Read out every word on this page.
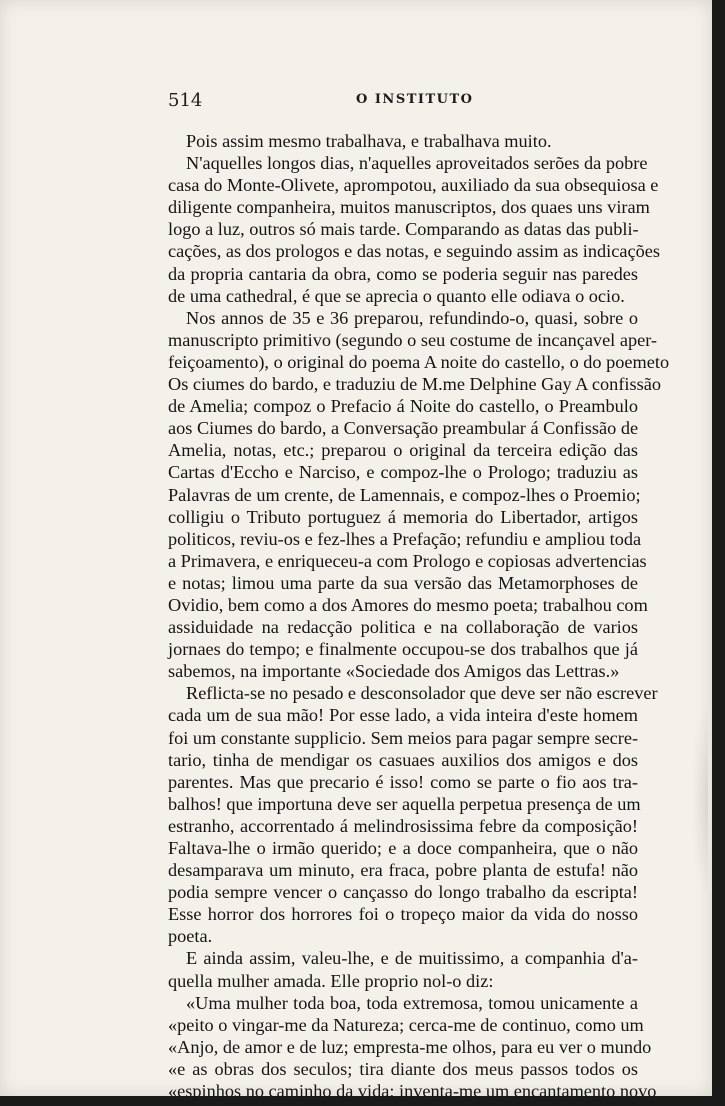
514	O INSTITUTO
Pois assim mesmo trabalhava, e trabalhava muito.
N'aquelles longos dias, n'aquelles aproveitados serões da pobre
casa do Monte-Olivete, aprompotou, auxiliado da sua obsequiosa e
diligente companheira, muitos manuscriptos, dos quaes uns viram
logo a luz, outros só mais tarde. Comparando as datas das publi-
cações, as dos prologos e das notas, e seguindo assim as indicações
da propria cantaria da obra, como se poderia seguir nas paredes
de uma cathedral, é que se aprecia o quanto elle odiava o ocio.
Nos annos de 35 e 36 preparou, refundindo-o, quasi, sobre o
manuscripto primitivo (segundo o seu costume de incançavel aper-
feiçoamento), o original do poema A noite do castello, o do poemeto
Os ciumes do bardo, e traduziu de M.me Delphine Gay A confissão
de Amelia; compoz o Prefacio á Noite do castello, o Preambulo
aos Ciumes do bardo, a Conversação preambular á Confissão de
Amelia, notas, etc.; preparou o original da terceira edição das
Cartas d'Eccho e Narciso, e compoz-lhe o Prologo; traduziu as
Palavras de um crente, de Lamennais, e compoz-lhes o Proemio;
colligiu o Tributo portuguez á memoria do Libertador, artigos
politicos, reviu-os e fez-lhes a Prefação; refundiu e ampliou toda
a Primavera, e enriqueceu-a com Prologo e copiosas advertencias
e notas; limou uma parte da sua versão das Metamorphoses de
Ovidio, bem como a dos Amores do mesmo poeta; trabalhou com
assiduidade na redacção politica e na collaboração de varios
jornaes do tempo; e finalmente occupou-se dos trabalhos que já
sabemos, na importante «Sociedade dos Amigos das Lettras.»
Reflicta-se no pesado e desconsolador que deve ser não escrever
cada um de sua mão! Por esse lado, a vida inteira d'este homem
foi um constante supplicio. Sem meios para pagar sempre secre-
tario, tinha de mendigar os casuaes auxilios dos amigos e dos
parentes. Mas que precario é isso! como se parte o fio aos tra-
balhos! que importuna deve ser aquella perpetua presença de um
estranho, accorrentado á melindrosissima febre da composição!
Faltava-lhe o irmão querido; e a doce companheira, que o não
desamparava um minuto, era fraca, pobre planta de estufa! não
podia sempre vencer o cançasso do longo trabalho da escripta!
Esse horror dos horrores foi o tropeço maior da vida do nosso
poeta.
E ainda assim, valeu-lhe, e de muitissimo, a companhia d'a-
quella mulher amada. Elle proprio nol-o diz:
«Uma mulher toda boa, toda extremosa, tomou unicamente a
«peito o vingar-me da Natureza; cerca-me de continuo, como um
«Anjo, de amor e de luz; empresta-me olhos, para eu ver o mundo
«e as obras dos seculos; tira diante dos meus passos todos os
«espinhos no caminho da vida; inventa-me um encantamento novo
